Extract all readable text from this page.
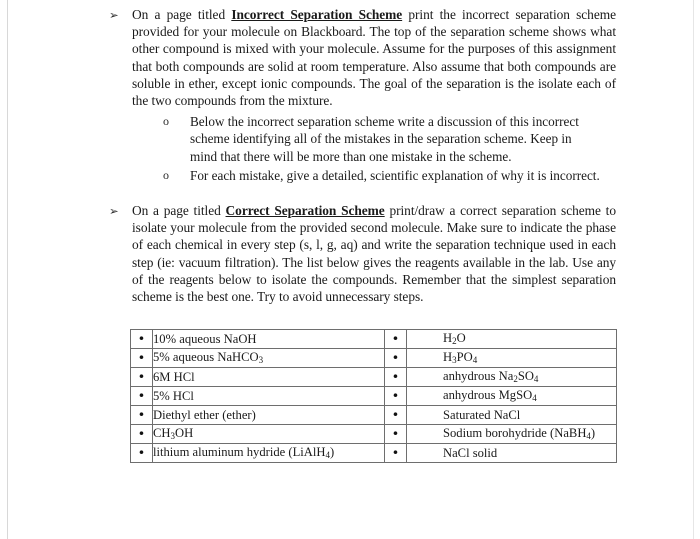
➢ On a page titled Incorrect Separation Scheme print the incorrect separation scheme provided for your molecule on Blackboard. The top of the separation scheme shows what other compound is mixed with your molecule. Assume for the purposes of this assignment that both compounds are solid at room temperature. Also assume that both compounds are soluble in ether, except ionic compounds. The goal of the separation is the isolate each of the two compounds from the mixture.

o Below the incorrect separation scheme write a discussion of this incorrect scheme identifying all of the mistakes in the separation scheme. Keep in mind that there will be more than one mistake in the scheme.

o For each mistake, give a detailed, scientific explanation of why it is incorrect.

➢ On a page titled Correct Separation Scheme print/draw a correct separation scheme to isolate your molecule from the provided second molecule. Make sure to indicate the phase of each chemical in every step (s, l, g, aq) and write the separation technique used in each step (ie: vacuum filtration). The list below gives the reagents available in the lab. Use any of the reagents below to isolate the compounds. Remember that the simplest separation scheme is the best one. Try to avoid unnecessary steps.

•	10% aqueous NaOH	•	$H_2O$
•	5% aqueous NaHCO$_3$	•	$H_3PO_4$
•	6M HCl	•	anhydrous $Na_2SO_4$
•	5% HCl	•	anhydrous MgSO$_4$
•	Diethyl ether (ether)	•	Saturated NaCl
•	$CH_3OH$	•	Sodium borohydride (NaBH$_4$)
•	lithium aluminum hydride (LiAlH$_4$)	•	NaCl solid
